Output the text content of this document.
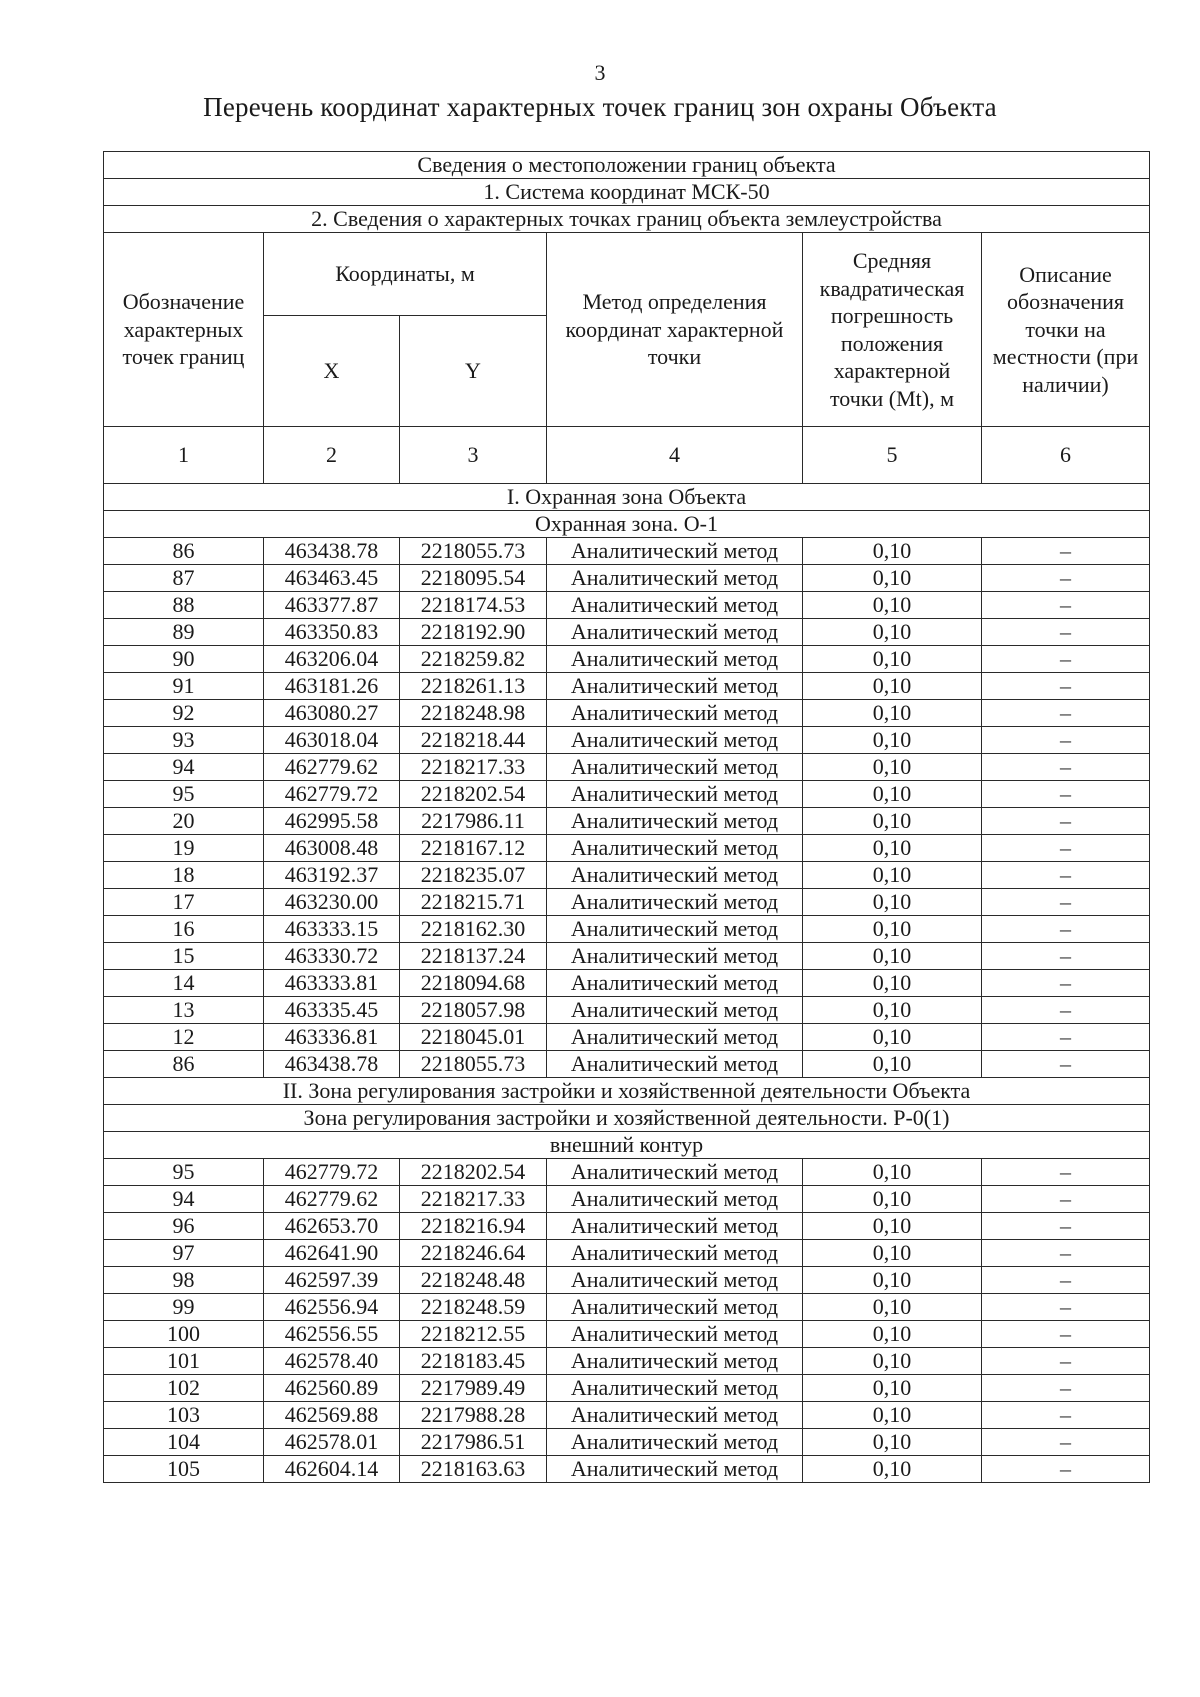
3
Перечень координат характерных точек границ зон охраны Объекта
Сведения о местоположении границ объекта					
1. Система координат МСК-50					
2. Сведения о характерных точках границ объекта землеустройства					
Обозначение характерных точек границ	Координаты, м		Метод определения координат характерной точки	Средняя квадратическая погрешность положения характерной точки (Mt), м	Описание обозначения точки на местности (при наличии)
	X	Y			
1	2	3	4	5	6
I. Охранная зона Объекта					
Охранная зона. О-1					
86	463438.78	2218055.73	Аналитический метод	0,10	–
87	463463.45	2218095.54	Аналитический метод	0,10	–
88	463377.87	2218174.53	Аналитический метод	0,10	–
89	463350.83	2218192.90	Аналитический метод	0,10	–
90	463206.04	2218259.82	Аналитический метод	0,10	–
91	463181.26	2218261.13	Аналитический метод	0,10	–
92	463080.27	2218248.98	Аналитический метод	0,10	–
93	463018.04	2218218.44	Аналитический метод	0,10	–
94	462779.62	2218217.33	Аналитический метод	0,10	–
95	462779.72	2218202.54	Аналитический метод	0,10	–
20	462995.58	2217986.11	Аналитический метод	0,10	–
19	463008.48	2218167.12	Аналитический метод	0,10	–
18	463192.37	2218235.07	Аналитический метод	0,10	–
17	463230.00	2218215.71	Аналитический метод	0,10	–
16	463333.15	2218162.30	Аналитический метод	0,10	–
15	463330.72	2218137.24	Аналитический метод	0,10	–
14	463333.81	2218094.68	Аналитический метод	0,10	–
13	463335.45	2218057.98	Аналитический метод	0,10	–
12	463336.81	2218045.01	Аналитический метод	0,10	–
86	463438.78	2218055.73	Аналитический метод	0,10	–
II. Зона регулирования застройки и хозяйственной деятельности Объекта					
Зона регулирования застройки и хозяйственной деятельности. Р-0(1)					
внешний контур					
95	462779.72	2218202.54	Аналитический метод	0,10	–
94	462779.62	2218217.33	Аналитический метод	0,10	–
96	462653.70	2218216.94	Аналитический метод	0,10	–
97	462641.90	2218246.64	Аналитический метод	0,10	–
98	462597.39	2218248.48	Аналитический метод	0,10	–
99	462556.94	2218248.59	Аналитический метод	0,10	–
100	462556.55	2218212.55	Аналитический метод	0,10	–
101	462578.40	2218183.45	Аналитический метод	0,10	–
102	462560.89	2217989.49	Аналитический метод	0,10	–
103	462569.88	2217988.28	Аналитический метод	0,10	–
104	462578.01	2217986.51	Аналитический метод	0,10	–
105	462604.14	2218163.63	Аналитический метод	0,10	–
